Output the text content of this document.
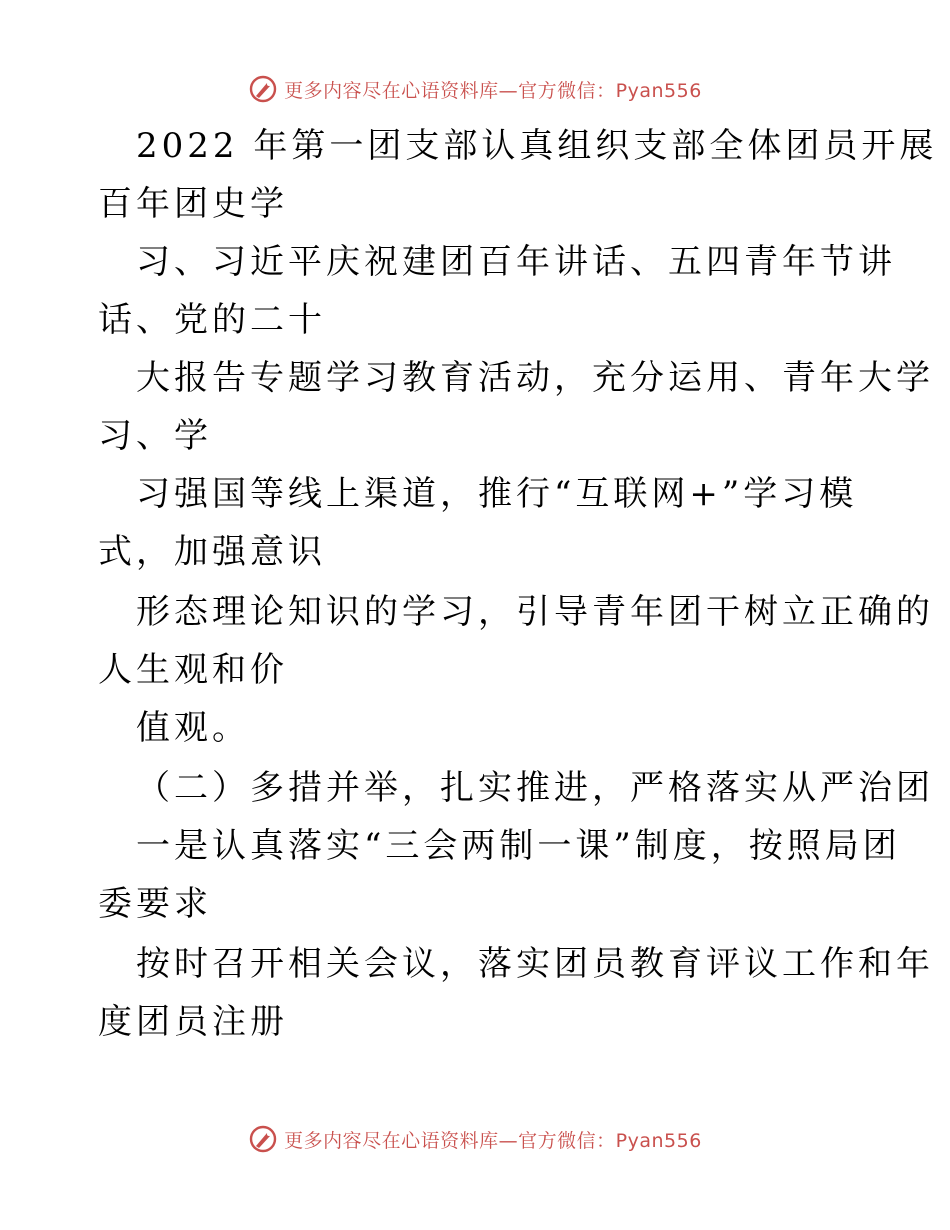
更多内容尽在心语资料库—官方微信：Pyan556
2022 年第一团支部认真组织支部全体团员开展
百年团史学
习、习近平庆祝建团百年讲话、五四青年节讲
话、党的二十
大报告专题学习教育活动，充分运用、青年大学
习、学
习强国等线上渠道，推行“互联网+”学习模
式，加强意识
形态理论知识的学习，引导青年团干树立正确的
人生观和价
值观。
（二）多措并举，扎实推进，严格落实从严治团
一是认真落实“三会两制一课”制度，按照局团
委要求
按时召开相关会议，落实团员教育评议工作和年
度团员注册
更多内容尽在心语资料库—官方微信：Pyan556
